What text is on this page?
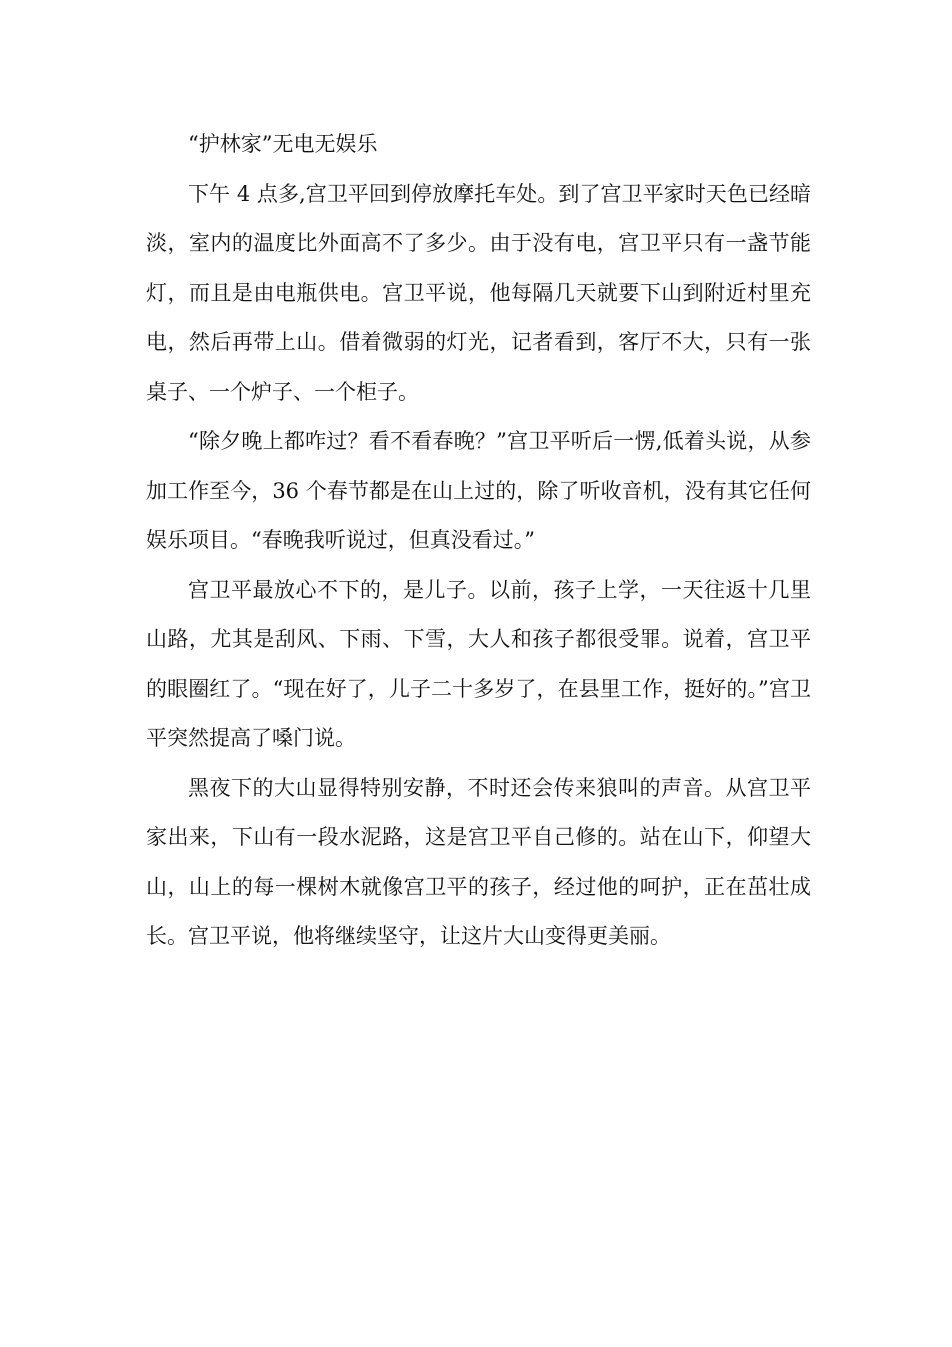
“护林家”无电无娱乐

下午 4 点多,宫卫平回到停放摩托车处。到了宫卫平家时天色已经暗淡，室内的温度比外面高不了多少。由于没有电，宫卫平只有一盏节能灯，而且是由电瓶供电。宫卫平说，他每隔几天就要下山到附近村里充电，然后再带上山。借着微弱的灯光，记者看到，客厅不大，只有一张桌子、一个炉子、一个柜子。

“除夕晚上都咋过？看不看春晚？”宫卫平听后一愣,低着头说，从参加工作至今，36 个春节都是在山上过的，除了听收音机，没有其它任何娱乐项目。“春晚我听说过，但真没看过。”

宫卫平最放心不下的，是儿子。以前，孩子上学，一天往返十几里山路，尤其是刮风、下雨、下雪，大人和孩子都很受罪。说着，宫卫平的眼圈红了。“现在好了，儿子二十多岁了，在县里工作，挺好的。”宫卫平突然提高了嗓门说。

黑夜下的大山显得特别安静，不时还会传来狼叫的声音。从宫卫平家出来，下山有一段水泥路，这是宫卫平自己修的。站在山下，仰望大山，山上的每一棵树木就像宫卫平的孩子，经过他的呵护，正在茁壮成长。宫卫平说，他将继续坚守，让这片大山变得更美丽。
